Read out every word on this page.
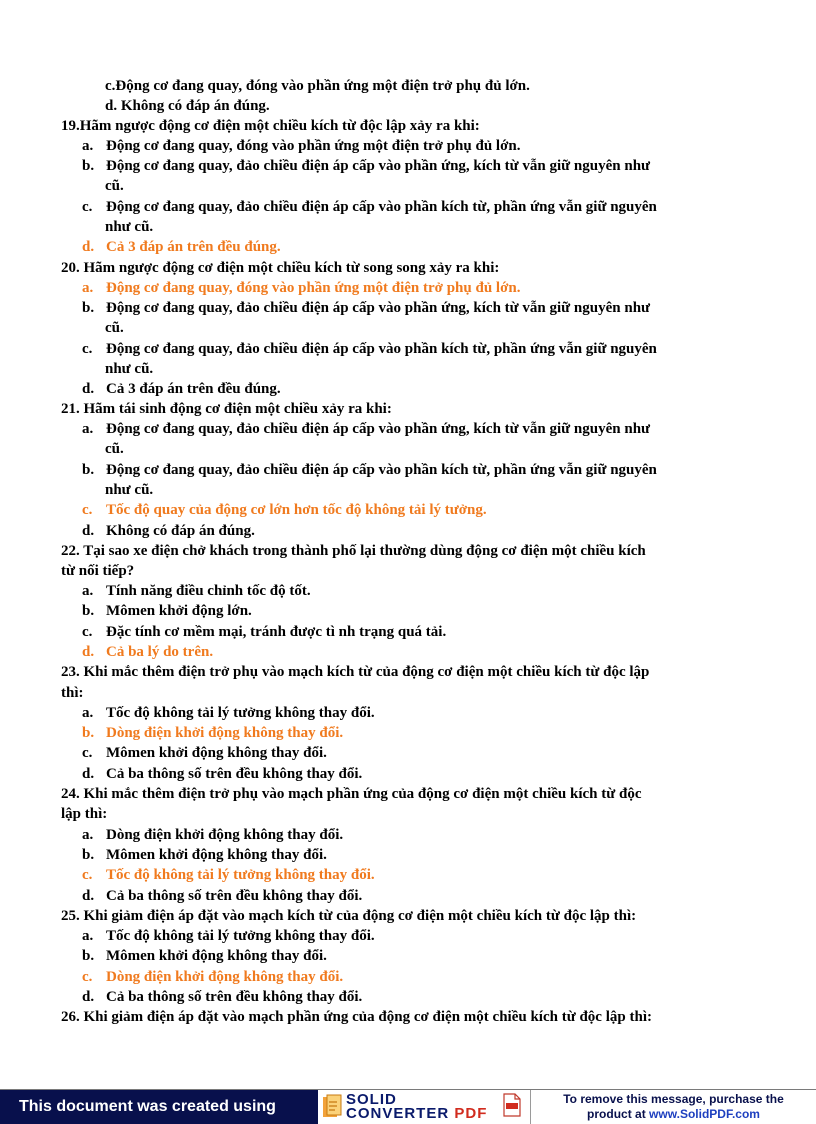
c.Động cơ đang quay, đóng vào phần ứng một điện trở phụ đủ lớn.
d. Không có đáp án đúng.
19.Hãm ngược động cơ điện một chiều kích từ độc lập xảy ra khi:
a. Động cơ đang quay, đóng vào phần ứng một điện trở phụ đủ lớn.
b. Động cơ đang quay, đảo chiều điện áp cấp vào phần ứng, kích từ vẫn giữ nguyên như
cũ.
c. Động cơ đang quay, đảo chiều điện áp cấp vào phần kích từ, phần ứng vẫn giữ nguyên
như cũ.
d. Cả 3 đáp án trên đều đúng.
20. Hãm ngược động cơ điện một chiều kích từ song song xảy ra khi:
a. Động cơ đang quay, đóng vào phần ứng một điện trở phụ đủ lớn.
b. Động cơ đang quay, đảo chiều điện áp cấp vào phần ứng, kích từ vẫn giữ nguyên như
cũ.
c. Động cơ đang quay, đảo chiều điện áp cấp vào phần kích từ, phần ứng vẫn giữ nguyên
như cũ.
d. Cả 3 đáp án trên đều đúng.
21. Hãm tái sinh động cơ điện một chiều xảy ra khi:
a. Động cơ đang quay, đảo chiều điện áp cấp vào phần ứng, kích từ vẫn giữ nguyên như
cũ.
b. Động cơ đang quay, đảo chiều điện áp cấp vào phần kích từ, phần ứng vẫn giữ nguyên
như cũ.
c. Tốc độ quay của động cơ lớn hơn tốc độ không tải lý tưởng.
d. Không có đáp án đúng.
22. Tại sao xe điện chở khách trong thành phố lại thường dùng động cơ điện một chiều kích
từ nối tiếp?
a. Tính năng điều chỉnh tốc độ tốt.
b. Mômen khởi động lớn.
c. Đặc tính cơ mềm mại, tránh được tì nh trạng quá tải.
d. Cả ba lý do trên.
23. Khi mắc thêm điện trở phụ vào mạch kích từ của động cơ điện một chiều kích từ độc lập
thì:
a. Tốc độ không tải lý tưởng không thay đổi.
b. Dòng điện khởi động không thay đổi.
c. Mômen khởi động không thay đổi.
d. Cả ba thông số trên đều không thay đổi.
24. Khi mắc thêm điện trở phụ vào mạch phần ứng của động cơ điện một chiều kích từ độc
lập thì:
a. Dòng điện khởi động không thay đổi.
b. Mômen khởi động không thay đổi.
c. Tốc độ không tải lý tưởng không thay đổi.
d. Cả ba thông số trên đều không thay đổi.
25. Khi giảm điện áp đặt vào mạch kích từ của động cơ điện một chiều kích từ độc lập thì:
a. Tốc độ không tải lý tưởng không thay đổi.
b. Mômen khởi động không thay đổi.
c. Dòng điện khởi động không thay đổi.
d. Cả ba thông số trên đều không thay đổi.
26. Khi giảm điện áp đặt vào mạch phần ứng của động cơ điện một chiều kích từ độc lập thì:
This document was created using	SOLID
CONVERTER PDF
To remove this message, purchase the
product at www.SolidPDF.com
